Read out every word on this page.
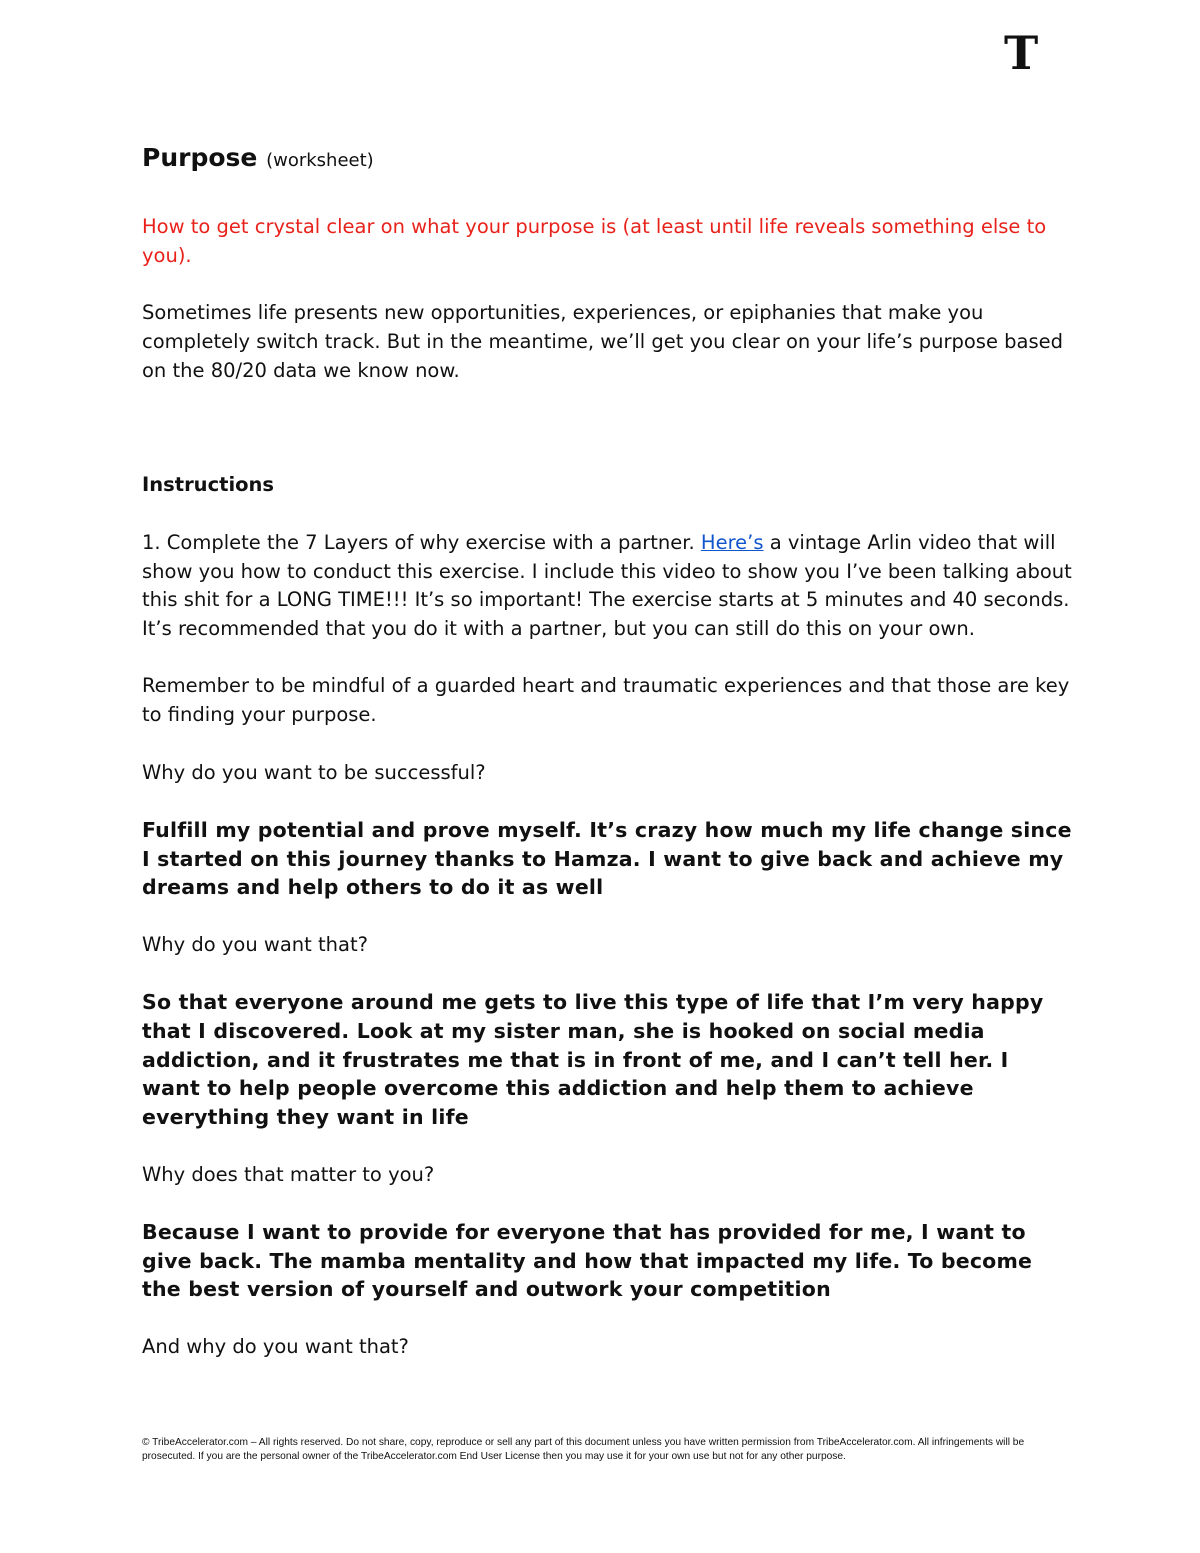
T
Purpose (worksheet)

How to get crystal clear on what your purpose is (at least until life reveals something else to you).

Sometimes life presents new opportunities, experiences, or epiphanies that make you completely switch track. But in the meantime, we’ll get you clear on your life’s purpose based on the 80/20 data we know now.

Instructions

1. Complete the 7 Layers of why exercise with a partner. Here’s a vintage Arlin video that will show you how to conduct this exercise. I include this video to show you I’ve been talking about this shit for a LONG TIME!!! It’s so important! The exercise starts at 5 minutes and 40 seconds. It’s recommended that you do it with a partner, but you can still do this on your own.

Remember to be mindful of a guarded heart and traumatic experiences and that those are key to finding your purpose.

Why do you want to be successful?

Fulfill my potential and prove myself. It’s crazy how much my life change since I started on this journey thanks to Hamza. I want to give back and achieve my dreams and help others to do it as well

Why do you want that?

So that everyone around me gets to live this type of life that I’m very happy that I discovered. Look at my sister man, she is hooked on social media addiction, and it frustrates me that is in front of me, and I can’t tell her. I want to help people overcome this addiction and help them to achieve everything they want in life

Why does that matter to you?

Because I want to provide for everyone that has provided for me, I want to give back. The mamba mentality and how that impacted my life. To become the best version of yourself and outwork your competition

And why do you want that?

© TribeAccelerator.com – All rights reserved. Do not share, copy, reproduce or sell any part of this document unless you have written permission from TribeAccelerator.com. All infringements will be prosecuted. If you are the personal owner of the TribeAccelerator.com End User License then you may use it for your own use but not for any other purpose.
